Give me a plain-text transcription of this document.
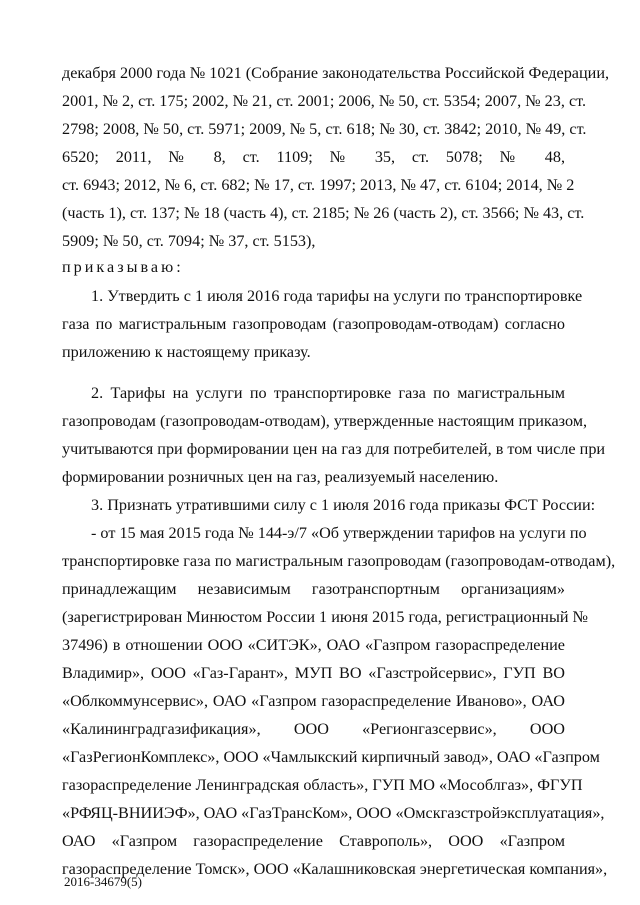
декабря 2000 года № 1021 (Собрание законодательства Российской Федерации,
2001, № 2, ст. 175; 2002, № 21, ст. 2001; 2006, № 50, ст. 5354; 2007, № 23, ст.
2798; 2008, № 50, ст. 5971; 2009, № 5, ст. 618; № 30, ст. 3842; 2010, № 49, ст.
6520; 2011, № 8, ст. 1109; № 35, ст. 5078; № 48,
ст. 6943; 2012, № 6, ст. 682; № 17, ст. 1997; 2013, № 47, ст. 6104; 2014, № 2
(часть 1), ст. 137; № 18 (часть 4), ст. 2185; № 26 (часть 2), ст. 3566; № 43, ст.
5909; № 50, ст. 7094; № 37, ст. 5153),
приказываю:
1. Утвердить с 1 июля 2016 года тарифы на услуги по транспортировке
газа по магистральным газопроводам (газопроводам-отводам) согласно
приложению к настоящему приказу.
2. Тарифы на услуги по транспортировке газа по магистральным
газопроводам (газопроводам-отводам), утвержденные настоящим приказом,
учитываются при формировании цен на газ для потребителей, в том числе при
формировании розничных цен на газ, реализуемый населению.
3. Признать утратившими силу с 1 июля 2016 года приказы ФСТ России:
- от 15 мая 2015 года № 144-э/7 «Об утверждении тарифов на услуги по
транспортировке газа по магистральным газопроводам (газопроводам-отводам),
принадлежащим независимым газотранспортным организациям»
(зарегистрирован Минюстом России 1 июня 2015 года, регистрационный №
37496) в отношении ООО «СИТЭК», ОАО «Газпром газораспределение
Владимир», ООО «Газ-Гарант», МУП ВО «Газстройсервис», ГУП ВО
«Облкоммунсервис», ОАО «Газпром газораспределение Иваново», ОАО
«Калининградгазификация», ООО «Регионгазсервис», ООО
«ГазРегионКомплекс», ООО «Чамлыкский кирпичный завод», ОАО «Газпром
газораспределение Ленинградская область», ГУП МО «Мособлгаз», ФГУП
«РФЯЦ-ВНИИЭФ», ОАО «ГазТрансКом», ООО «Омскгазстройэксплуатация»,
ОАО «Газпром газораспределение Ставрополь», ООО «Газпром
газораспределение Томск», ООО «Калашниковская энергетическая компания»,
2016-34679(5)
